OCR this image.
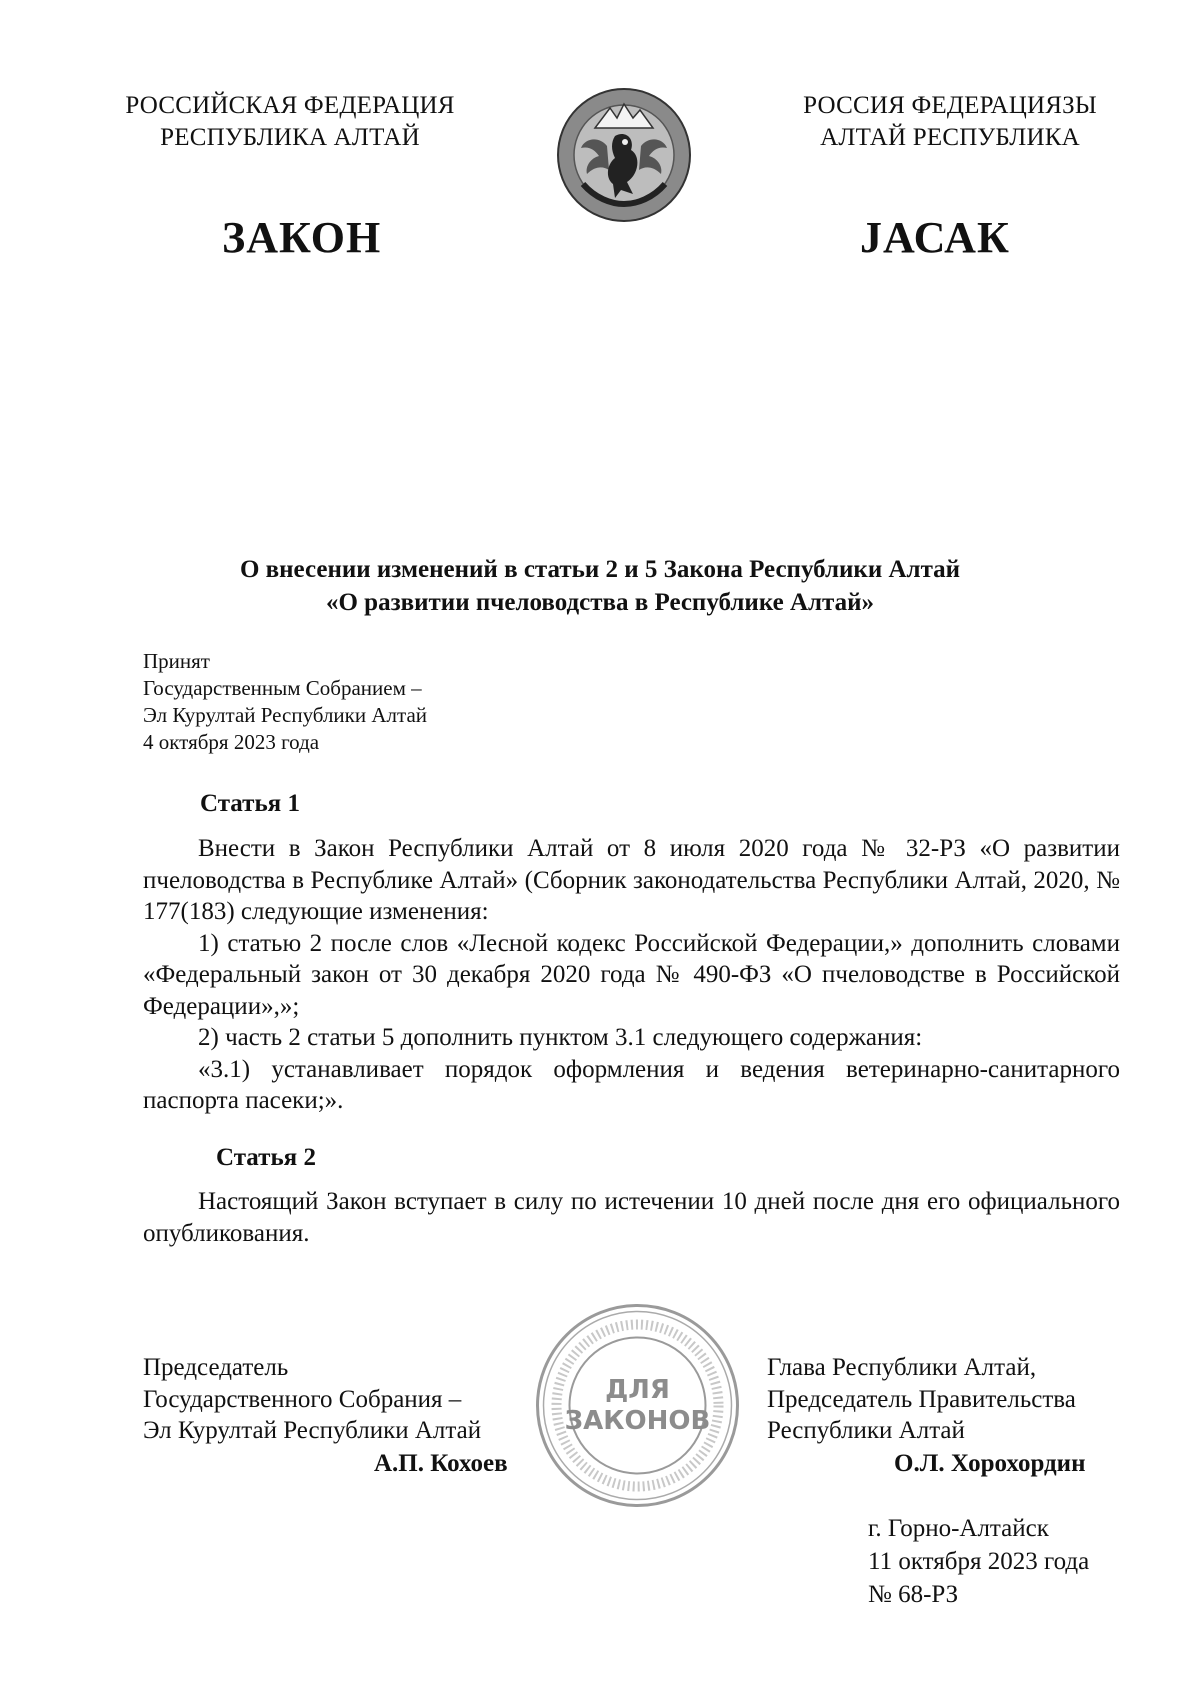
РОССИЙСКАЯ ФЕДЕРАЦИЯ
РЕСПУБЛИКА АЛТАЙ
РОССИЯ ФЕДЕРАЦИЯЗЫ
АЛТАЙ РЕСПУБЛИКА
ЗАКОН	JАСАК
О внесении изменений в статьи 2 и 5 Закона Республики Алтай
«О развитии пчеловодства в Республике Алтай»
Принят
Государственным Собранием –
Эл Курултай Республики Алтай
4 октября 2023 года
Статья 1

Внести в Закон Республики Алтай от 8 июля 2020 года № 32-РЗ «О развитии пчеловодства в Республике Алтай» (Сборник законодательства Республики Алтай, 2020, № 177(183) следующие изменения:

1) статью 2 после слов «Лесной кодекс Российской Федерации,» дополнить словами «Федеральный закон от 30 декабря 2020 года № 490-ФЗ «О пчеловодстве в Российской Федерации»,»;

2) часть 2 статьи 5 дополнить пунктом 3.1 следующего содержания:

«3.1) устанавливает порядок оформления и ведения ветеринарно-санитарного паспорта пасеки;».

Статья 2

Настоящий Закон вступает в силу по истечении 10 дней после дня его официального опубликования.

ДЛЯ
ЗАКОНОВ
Председатель
Государственного Собрания –
Эл Курултай Республики Алтай
А.П. Кохоев
Глава Республики Алтай,
Председатель Правительства
Республики Алтай
О.Л. Хорохордин
г. Горно-Алтайск
11 октября 2023 года
№ 68-РЗ
